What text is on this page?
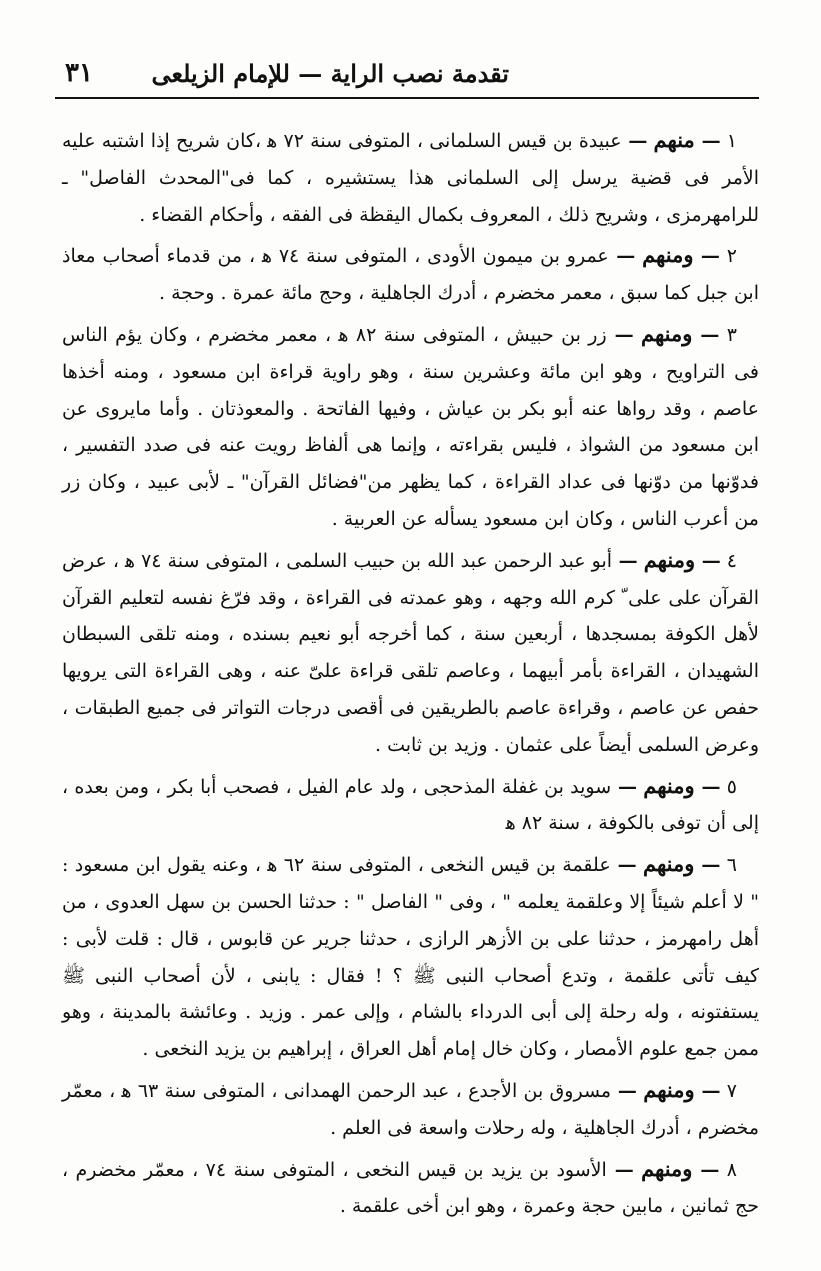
تقدمة نصب الراية — للإمام الزيلعى
٣١

١ — منهم — عبيدة بن قيس السلمانى ، المتوفى سنة ٧٢ ﻫ ،كان شريح إذا اشتبه عليه الأمر فى قضية يرسل إلى السلمانى هذا يستشيره ، كما فى"المحدث الفاصل" ـ للرامهرمزى ، وشريح ذلك ، المعروف بكمال اليقظة فى الفقه ، وأحكام القضاء .

٢ — ومنهم — عمرو بن ميمون الأودى ، المتوفى سنة ٧٤ ﻫ ، من قدماء أصحاب معاذ ابن جبل كما سبق ، معمر مخضرم ، أدرك الجاهلية ، وحج مائة عمرة . وحجة .

٣ — ومنهم — زر بن حبيش ، المتوفى سنة ٨٢ ﻫ ، معمر مخضرم ، وكان يؤم الناس فى التراويح ، وهو ابن مائة وعشرين سنة ، وهو راوية قراءة ابن مسعود ، ومنه أخذها عاصم ، وقد رواها عنه أبو بكر بن عياش ، وفيها الفاتحة . والمعوذتان . وأما مايروى عن ابن مسعود من الشواذ ، فليس بقراءته ، وإنما هى ألفاظ رويت عنه فى صدد التفسير ، فدوّنها من دوّنها فى عداد القراءة ، كما يظهر من"فضائل القرآن" ـ لأبى عبيد ، وكان زر من أعرب الناس ، وكان ابن مسعود يسأله عن العربية .

٤ — ومنهم — أبو عبد الرحمن عبد الله بن حبيب السلمى ، المتوفى سنة ٧٤ ﻫ ، عرض القرآن على على ّ كرم الله وجهه ، وهو عمدته فى القراءة ، وقد فرّغ نفسه لتعليم القرآن لأهل الكوفة بمسجدها ، أربعين سنة ، كما أخرجه أبو نعيم بسنده ، ومنه تلقى السبطان الشهيدان ، القراءة بأمر أبيهما ، وعاصم تلقى قراءة علىّ عنه ، وهى القراءة التى يرويها حفص عن عاصم ، وقراءة عاصم بالطريقين فى أقصى درجات التواتر فى جميع الطبقات ، وعرض السلمى أيضاً على عثمان . وزيد بن ثابت .

٥ — ومنهم — سويد بن غفلة المذحجى ، ولد عام الفيل ، فصحب أبا بكر ، ومن بعده ، إلى أن توفى بالكوفة ، سنة ٨٢ ﻫ

٦ — ومنهم — علقمة بن قيس النخعى ، المتوفى سنة ٦٢ ﻫ ، وعنه يقول ابن مسعود : " لا أعلم شيئاً إلا وعلقمة يعلمه " ، وفى " الفاصل " : حدثنا الحسن بن سهل العدوى ، من أهل رامهرمز ، حدثنا على بن الأزهر الرازى ، حدثنا جرير عن قابوس ، قال : قلت لأبى : كيف تأتى علقمة ، وتدع أصحاب النبى ﷺ ؟ ! فقال : يابنى ، لأن أصحاب النبى ﷺ يستفتونه ، وله رحلة إلى أبى الدرداء بالشام ، وإلى عمر . وزيد . وعائشة بالمدينة ، وهو ممن جمع علوم الأمصار ، وكان خال إمام أهل العراق ، إبراهيم بن يزيد النخعى .

٧ — ومنهم — مسروق بن الأجدع ، عبد الرحمن الهمدانى ، المتوفى سنة ٦٣ ﻫ ، معمّر مخضرم ، أدرك الجاهلية ، وله رحلات واسعة فى العلم .

٨ — ومنهم — الأسود بن يزيد بن قيس النخعى ، المتوفى سنة ٧٤ ، معمّر مخضرم ، حج ثمانين ، مابين حجة وعمرة ، وهو ابن أخى علقمة .
